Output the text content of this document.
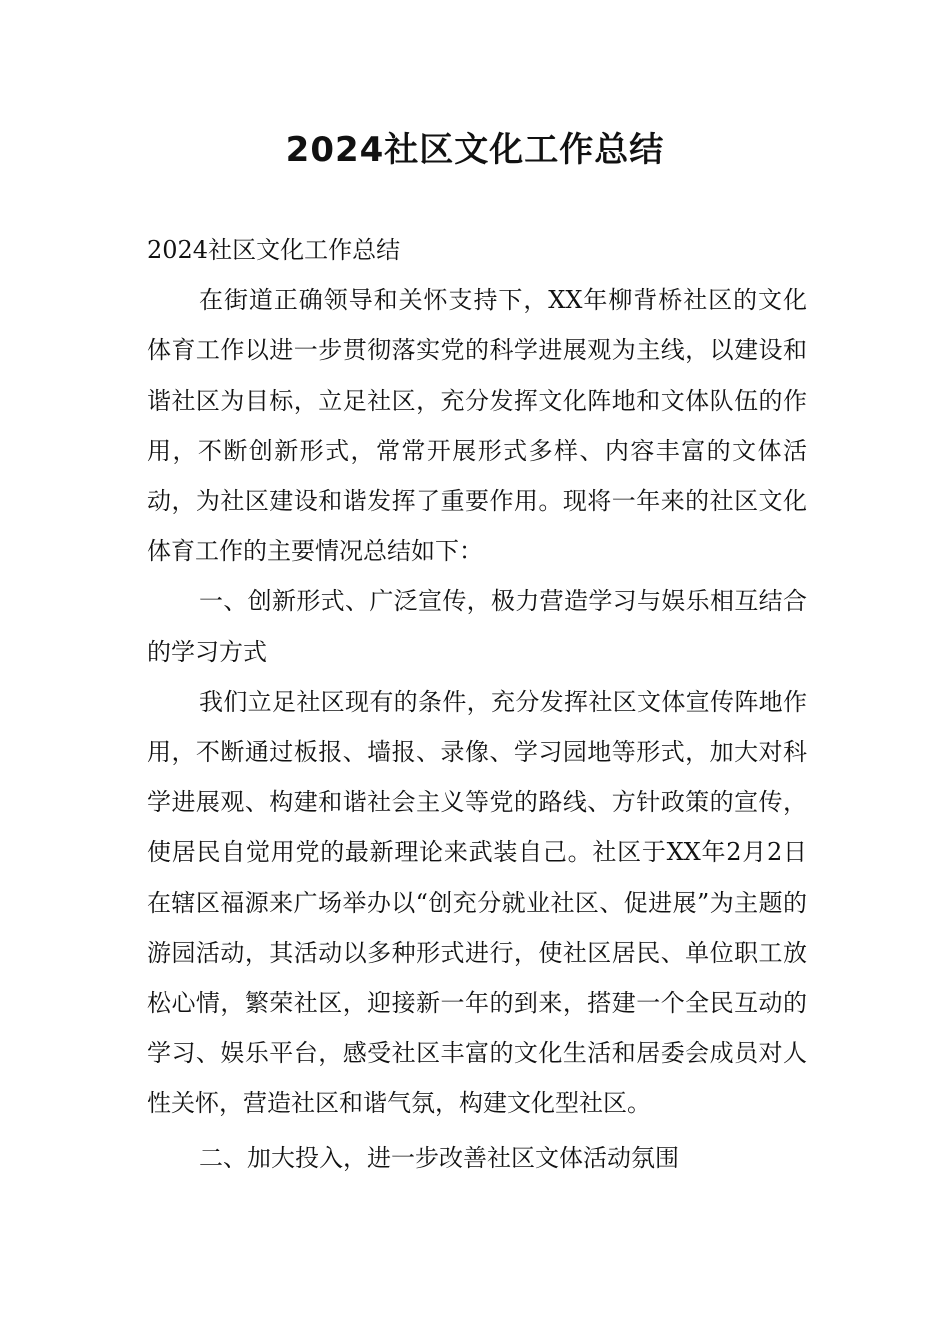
2024社区文化工作总结

2024社区文化工作总结

在街道正确领导和关怀支持下，XX年柳背桥社区的文化体育工作以进一步贯彻落实党的科学进展观为主线，以建设和谐社区为目标，立足社区，充分发挥文化阵地和文体队伍的作用，不断创新形式，常常开展形式多样、内容丰富的文体活动，为社区建设和谐发挥了重要作用。现将一年来的社区文化体育工作的主要情况总结如下：

一、创新形式、广泛宣传，极力营造学习与娱乐相互结合的学习方式

我们立足社区现有的条件，充分发挥社区文体宣传阵地作用，不断通过板报、墙报、录像、学习园地等形式，加大对科学进展观、构建和谐社会主义等党的路线、方针政策的宣传，使居民自觉用党的最新理论来武装自己。社区于XX年2月2日在辖区福源来广场举办以“创充分就业社区、促进展”为主题的游园活动，其活动以多种形式进行，使社区居民、单位职工放松心情，繁荣社区，迎接新一年的到来，搭建一个全民互动的学习、娱乐平台，感受社区丰富的文化生活和居委会成员对人性关怀，营造社区和谐气氛，构建文化型社区。

二、加大投入，进一步改善社区文体活动氛围
